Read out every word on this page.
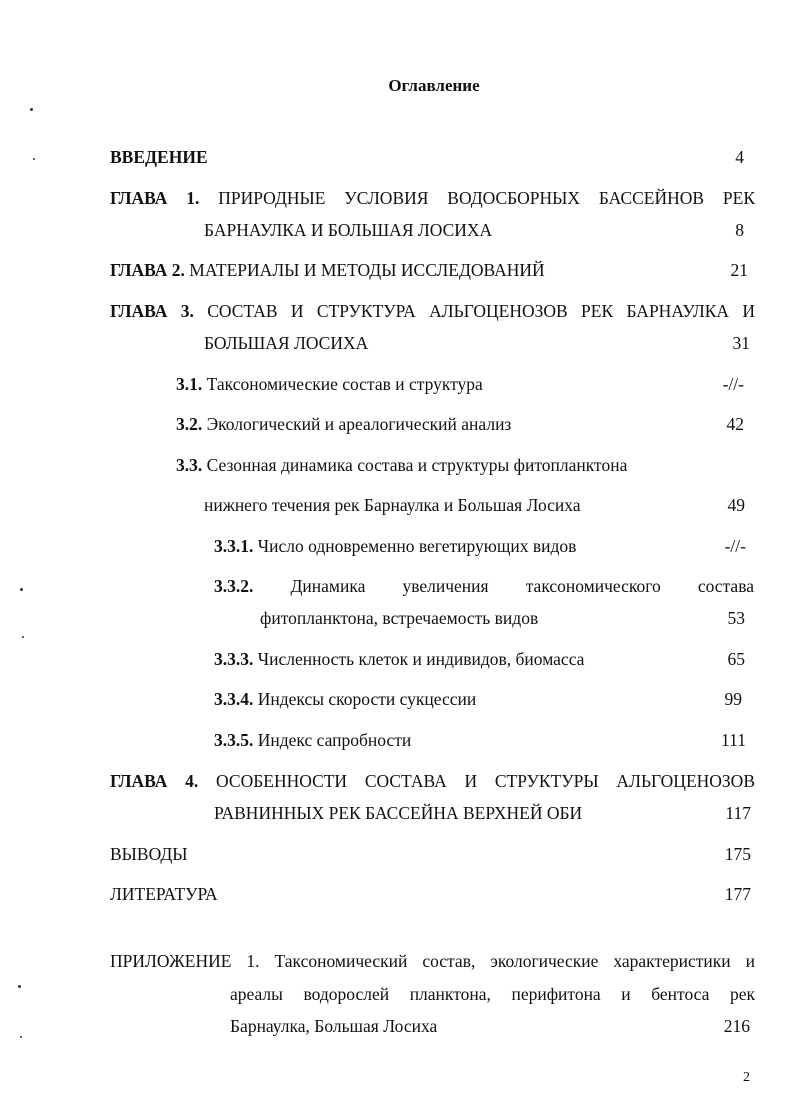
Оглавление
ВВЕДЕНИЕ	4
ГЛАВА 1. ПРИРОДНЫЕ УСЛОВИЯ ВОДОСБОРНЫХ БАССЕЙНОВ РЕК
БАРНАУЛКА И БОЛЬШАЯ ЛОСИХА	8
ГЛАВА 2. МАТЕРИАЛЫ И МЕТОДЫ ИССЛЕДОВАНИЙ	21
ГЛАВА 3. СОСТАВ И СТРУКТУРА АЛЬГОЦЕНОЗОВ РЕК БАРНАУЛКА И
БОЛЬШАЯ ЛОСИХА	31
3.1. Таксономические состав и структура	-//-
3.2. Экологический и ареалогический анализ	42
3.3. Сезонная динамика состава и структуры фитопланктона
нижнего течения рек Барнаулка и Большая Лосиха	49
3.3.1. Число одновременно вегетирующих видов	-//-
3.3.2. Динамика увеличения таксономического состава
фитопланктона, встречаемость видов	53
3.3.3. Численность клеток и индивидов, биомасса	65
3.3.4. Индексы скорости сукцессии	99
3.3.5. Индекс сапробности	111
ГЛАВА 4. ОСОБЕННОСТИ СОСТАВА И СТРУКТУРЫ АЛЬГОЦЕНОЗОВ
РАВНИННЫХ РЕК БАССЕЙНА ВЕРХНЕЙ ОБИ	117
ВЫВОДЫ	175
ЛИТЕРАТУРА	177
ПРИЛОЖЕНИЕ 1. Таксономический состав, экологические характеристики и
ареалы водорослей планктона, перифитона и бентоса рек
Барнаулка, Большая Лосиха	216
2
